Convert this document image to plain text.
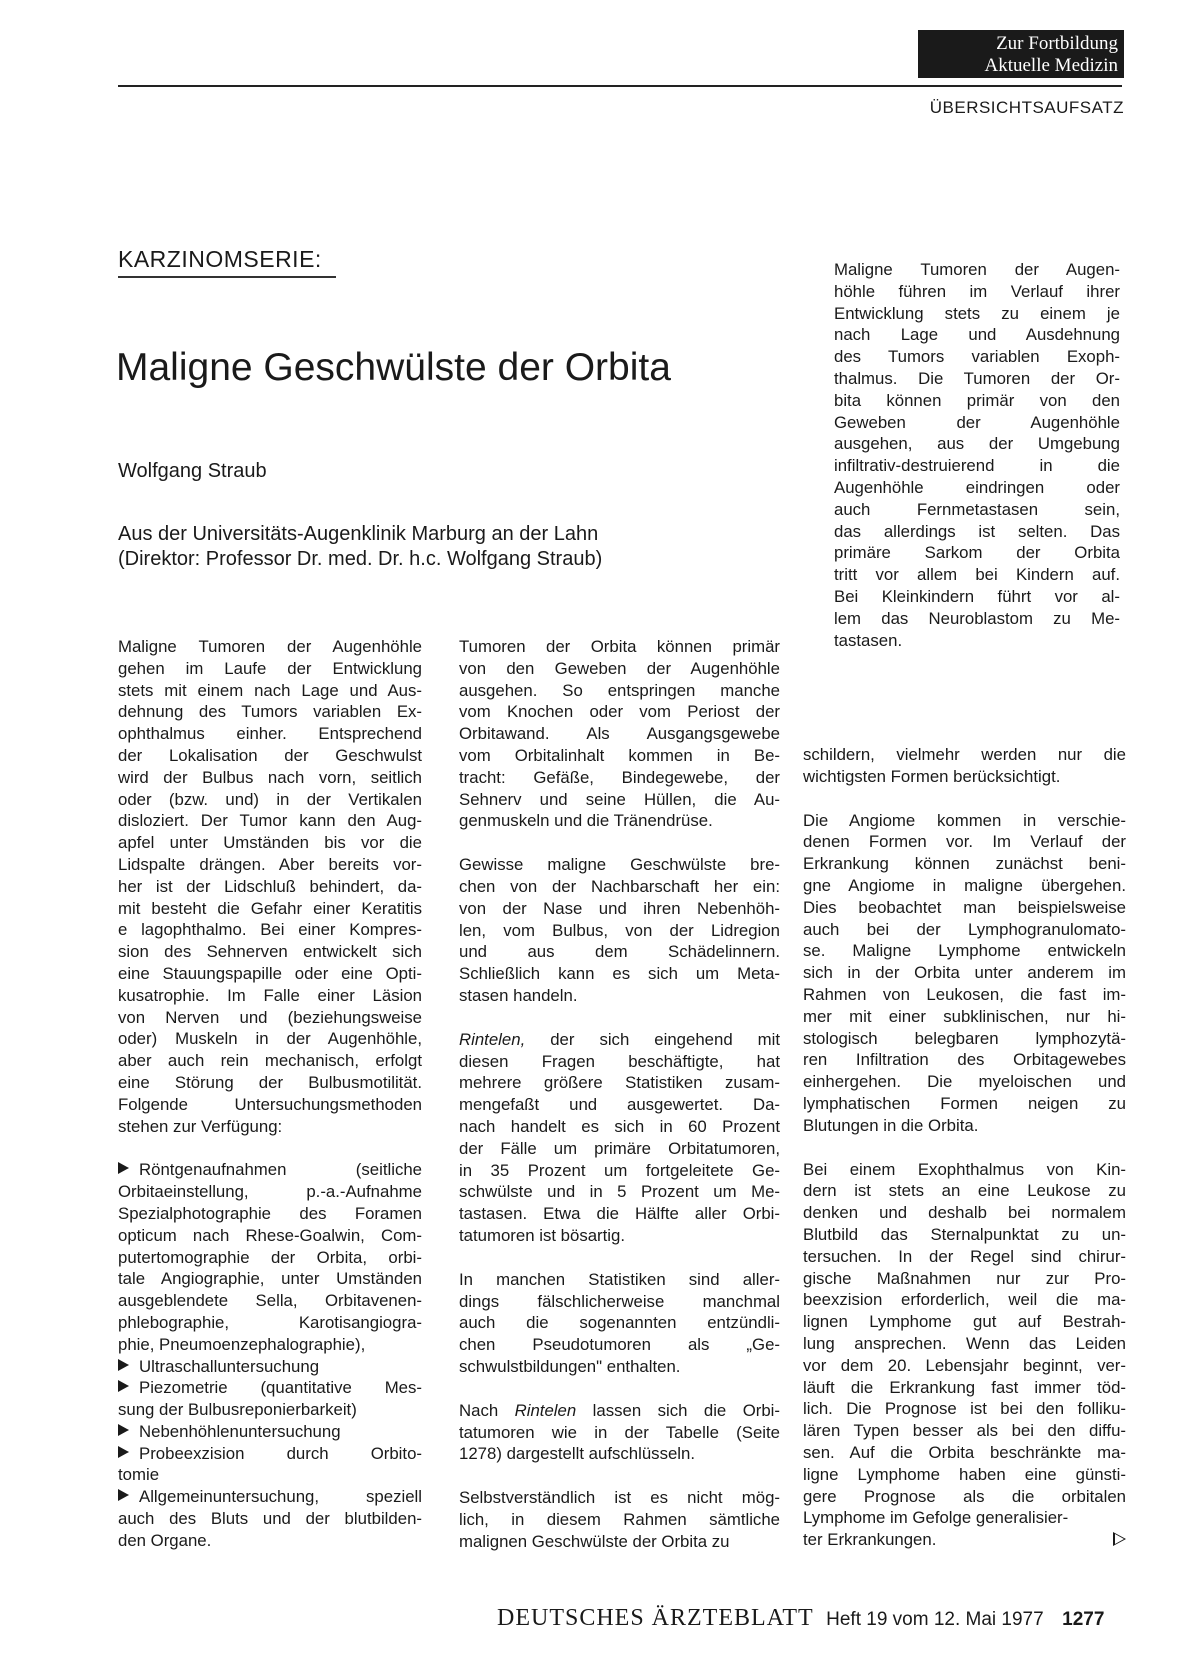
Zur Fortbildung
Aktuelle Medizin
ÜBERSICHTSAUFSATZ
KARZINOMSERIE:
Maligne Geschwülste der Orbita
Wolfgang Straub
Aus der Universitäts-Augenklinik Marburg an der Lahn
(Direktor: Professor Dr. med. Dr. h.c. Wolfgang Straub)
Maligne Tumoren der Augen-
höhle führen im Verlauf ihrer
Entwicklung stets zu einem je
nach Lage und Ausdehnung
des Tumors variablen Exoph-
thalmus. Die Tumoren der Or-
bita können primär von den
Geweben der Augenhöhle
ausgehen, aus der Umgebung
infiltrativ-destruierend in die
Augenhöhle eindringen oder
auch Fernmetastasen sein,
das allerdings ist selten. Das
primäre Sarkom der Orbita
tritt vor allem bei Kindern auf.
Bei Kleinkindern führt vor al-
lem das Neuroblastom zu Me-
tastasen.
Maligne Tumoren der Augenhöhle
gehen im Laufe der Entwicklung
stets mit einem nach Lage und Aus-
dehnung des Tumors variablen Ex-
ophthalmus einher. Entsprechend
der Lokalisation der Geschwulst
wird der Bulbus nach vorn, seitlich
oder (bzw. und) in der Vertikalen
disloziert. Der Tumor kann den Aug-
apfel unter Umständen bis vor die
Lidspalte drängen. Aber bereits vor-
her ist der Lidschluß behindert, da-
mit besteht die Gefahr einer Keratitis
e lagophthalmo. Bei einer Kompres-
sion des Sehnerven entwickelt sich
eine Stauungspapille oder eine Opti-
kusatrophie. Im Falle einer Läsion
von Nerven und (beziehungsweise
oder) Muskeln in der Augenhöhle,
aber auch rein mechanisch, erfolgt
eine Störung der Bulbusmotilität.
Folgende Untersuchungsmethoden
stehen zur Verfügung:
Röntgenaufnahmen (seitliche
Orbitaeinstellung, p.-a.-Aufnahme
Spezialphotographie des Foramen
opticum nach Rhese-Goalwin, Com-
putertomographie der Orbita, orbi-
tale Angiographie, unter Umständen
ausgeblendete Sella, Orbitavenen-
phlebographie, Karotisangiogra-
phie, Pneumoenzephalographie),
Ultraschalluntersuchung
Piezometrie (quantitative Mes-
sung der Bulbusreponierbarkeit)
Nebenhöhlenuntersuchung
Probeexzision durch Orbito-
tomie
Allgemeinuntersuchung, speziell
auch des Bluts und der blutbilden-
den Organe.
Tumoren der Orbita können primär
von den Geweben der Augenhöhle
ausgehen. So entspringen manche
vom Knochen oder vom Periost der
Orbitawand. Als Ausgangsgewebe
vom Orbitalinhalt kommen in Be-
tracht: Gefäße, Bindegewebe, der
Sehnerv und seine Hüllen, die Au-
genmuskeln und die Tränendrüse.
Gewisse maligne Geschwülste bre-
chen von der Nachbarschaft her ein:
von der Nase und ihren Nebenhöh-
len, vom Bulbus, von der Lidregion
und aus dem Schädelinnern.
Schließlich kann es sich um Meta-
stasen handeln.
Rintelen, der sich eingehend mit
diesen Fragen beschäftigte, hat
mehrere größere Statistiken zusam-
mengefaßt und ausgewertet. Da-
nach handelt es sich in 60 Prozent
der Fälle um primäre Orbitatumoren,
in 35 Prozent um fortgeleitete Ge-
schwülste und in 5 Prozent um Me-
tastasen. Etwa die Hälfte aller Orbi-
tatumoren ist bösartig.
In manchen Statistiken sind aller-
dings fälschlicherweise manchmal
auch die sogenannten entzündli-
chen Pseudotumoren als „Ge-
schwulstbildungen" enthalten.
Nach Rintelen lassen sich die Orbi-
tatumoren wie in der Tabelle (Seite
1278) dargestellt aufschlüsseln.
Selbstverständlich ist es nicht mög-
lich, in diesem Rahmen sämtliche
malignen Geschwülste der Orbita zu
schildern, vielmehr werden nur die
wichtigsten Formen berücksichtigt.
Die Angiome kommen in verschie-
denen Formen vor. Im Verlauf der
Erkrankung können zunächst beni-
gne Angiome in maligne übergehen.
Dies beobachtet man beispielsweise
auch bei der Lymphogranulomato-
se. Maligne Lymphome entwickeln
sich in der Orbita unter anderem im
Rahmen von Leukosen, die fast im-
mer mit einer subklinischen, nur hi-
stologisch belegbaren lymphozytä-
ren Infiltration des Orbitagewebes
einhergehen. Die myeloischen und
lymphatischen Formen neigen zu
Blutungen in die Orbita.
Bei einem Exophthalmus von Kin-
dern ist stets an eine Leukose zu
denken und deshalb bei normalem
Blutbild das Sternalpunktat zu un-
tersuchen. In der Regel sind chirur-
gische Maßnahmen nur zur Pro-
beexzision erforderlich, weil die ma-
lignen Lymphome gut auf Bestrah-
lung ansprechen. Wenn das Leiden
vor dem 20. Lebensjahr beginnt, ver-
läuft die Erkrankung fast immer töd-
lich. Die Prognose ist bei den folliku-
lären Typen besser als bei den diffu-
sen. Auf die Orbita beschränkte ma-
ligne Lymphome haben eine günsti-
gere Prognose als die orbitalen
Lymphome im Gefolge generalisier-
ter Erkrankungen.
DEUTSCHES ÄRZTEBLATT Heft 19 vom 12. Mai 1977 1277
